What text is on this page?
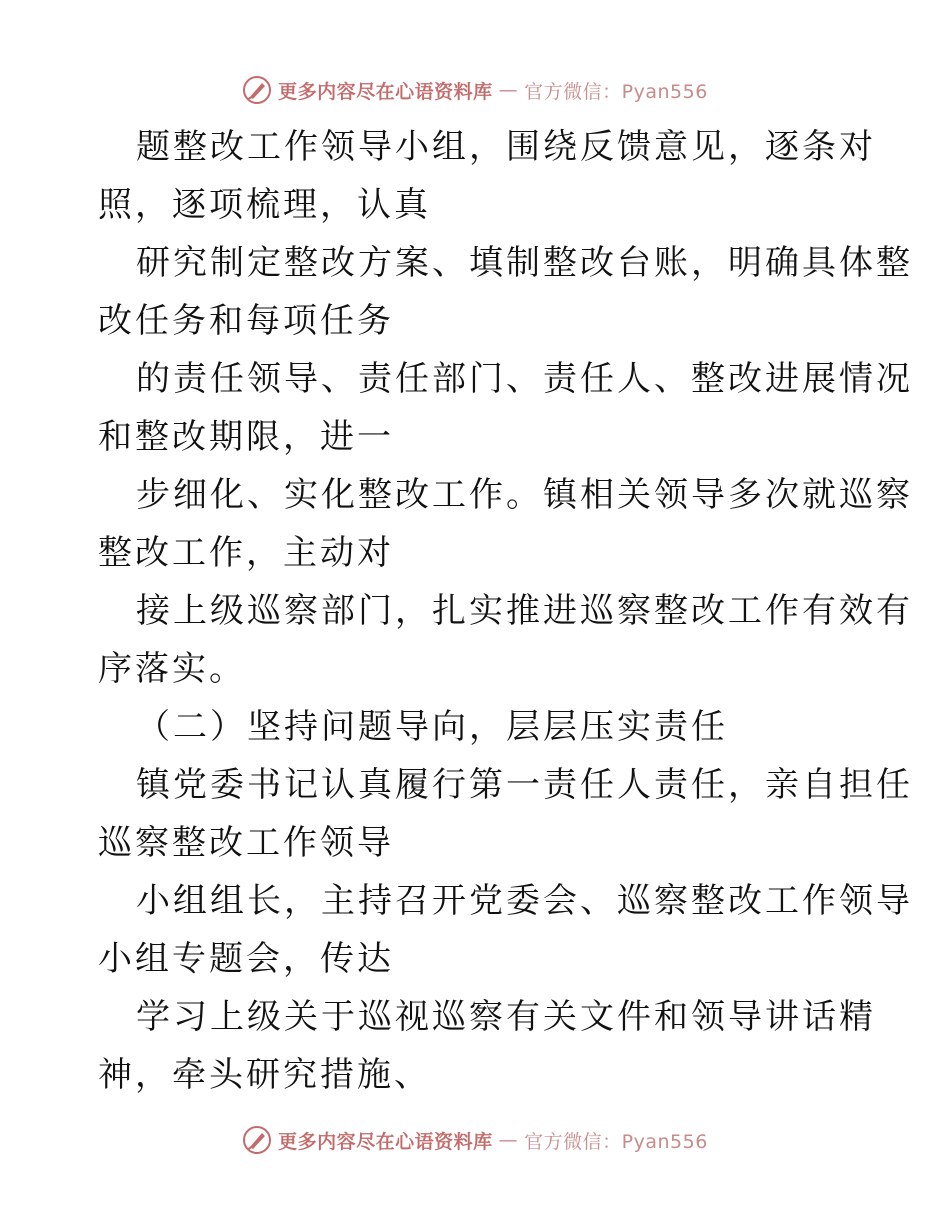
更多内容尽在心语资料库 — 官方微信：Pyan556
题整改工作领导小组，围绕反馈意见，逐条对
照，逐项梳理，认真
研究制定整改方案、填制整改台账，明确具体整
改任务和每项任务
的责任领导、责任部门、责任人、整改进展情况
和整改期限，进一
步细化、实化整改工作。镇相关领导多次就巡察
整改工作，主动对
接上级巡察部门，扎实推进巡察整改工作有效有
序落实。
（二）坚持问题导向，层层压实责任
镇党委书记认真履行第一责任人责任，亲自担任
巡察整改工作领导
小组组长，主持召开党委会、巡察整改工作领导
小组专题会，传达
学习上级关于巡视巡察有关文件和领导讲话精
神，牵头研究措施、
更多内容尽在心语资料库 — 官方微信：Pyan556
